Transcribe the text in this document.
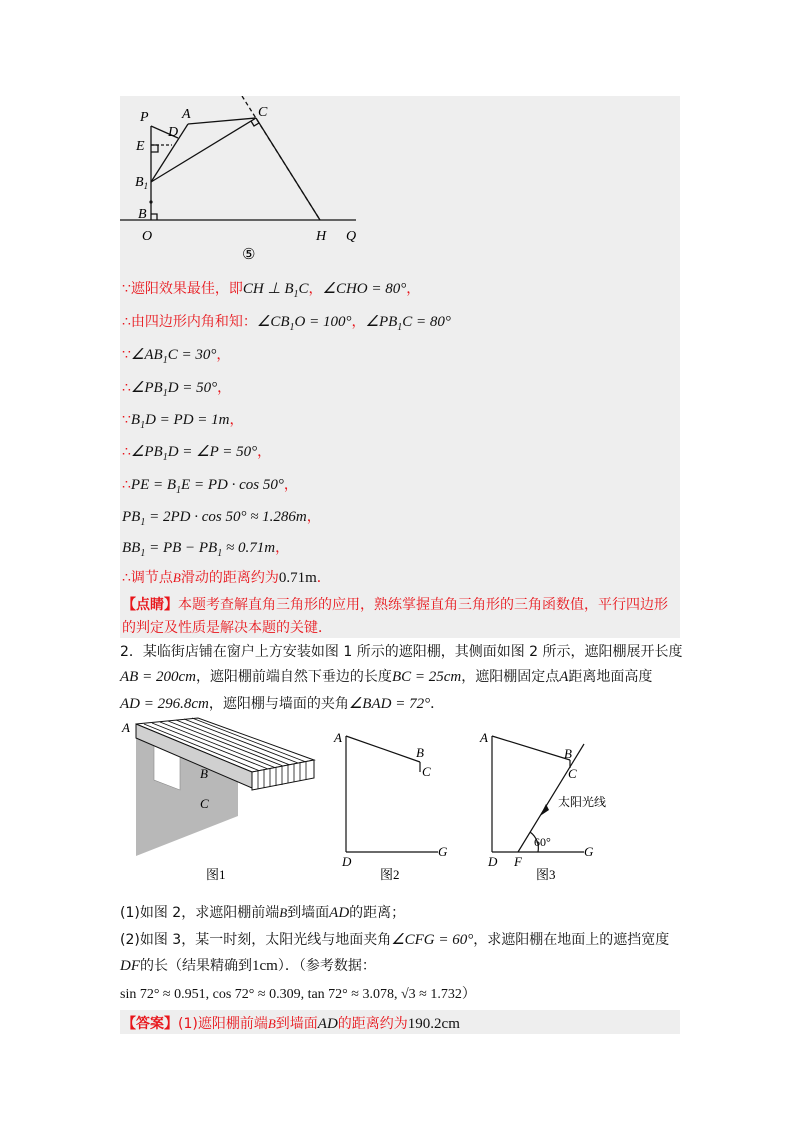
P A
D
C
E
$B_1$
B
O	H Q
⑤
∵遮阳效果最佳，即CH ⊥ $B_1C$，∠CHO = 80°，
∴由四边形内角和知：$\angle CB_1O = 100^\circ$，$\angle PB_1C = 80^\circ$
$\because\angle AB_1C = 30^\circ$，
$\therefore\angle PB_1D = 50^\circ$，
$\because B_1D$ = PD = 1m，
$\therefore\angle PB_1D$ = ∠P = 50°，
∴PE = $B_1E$ = PD · cos 50°，
$PB_1 = 2PD \cdot \cos 50^\circ \approx 1.286m$，
$BB_1$ = PB − $PB_1 \approx 0.71m$，
∴调节点B滑动的距离约为0.71m．
【点睛】本题考查解直角三角形的应用，熟练掌握直角三角形的三角函数值，平行四边形
的判定及性质是解决本题的关键．
2．某临街店铺在窗户上方安装如图 1 所示的遮阳棚，其侧面如图 2 所示，遮阳棚展开长度
AB = 200cm，遮阳棚前端自然下垂边的长度BC = 25cm，遮阳棚固定点A距离地面高度
AD = 296.8cm，遮阳棚与墙面的夹角∠BAD = 72°．
A
B
C
图1
A
B
C
D
G
图2
A
B
C
太阳光线
60°
D F
G
图3
(1)如图 2，求遮阳棚前端B到墙面AD的距离；
(2)如图 3，某一时刻，太阳光线与地面夹角∠CFG = 60°，求遮阳棚在地面上的遮挡宽度
DF的长（结果精确到1cm）．（参考数据：
sin 72° ≈ 0.951, cos 72° ≈ 0.309, tan 72° ≈ 3.078, √3 ≈ 1.732）
【答案】(1)遮阳棚前端B到墙面AD的距离约为190.2cm
